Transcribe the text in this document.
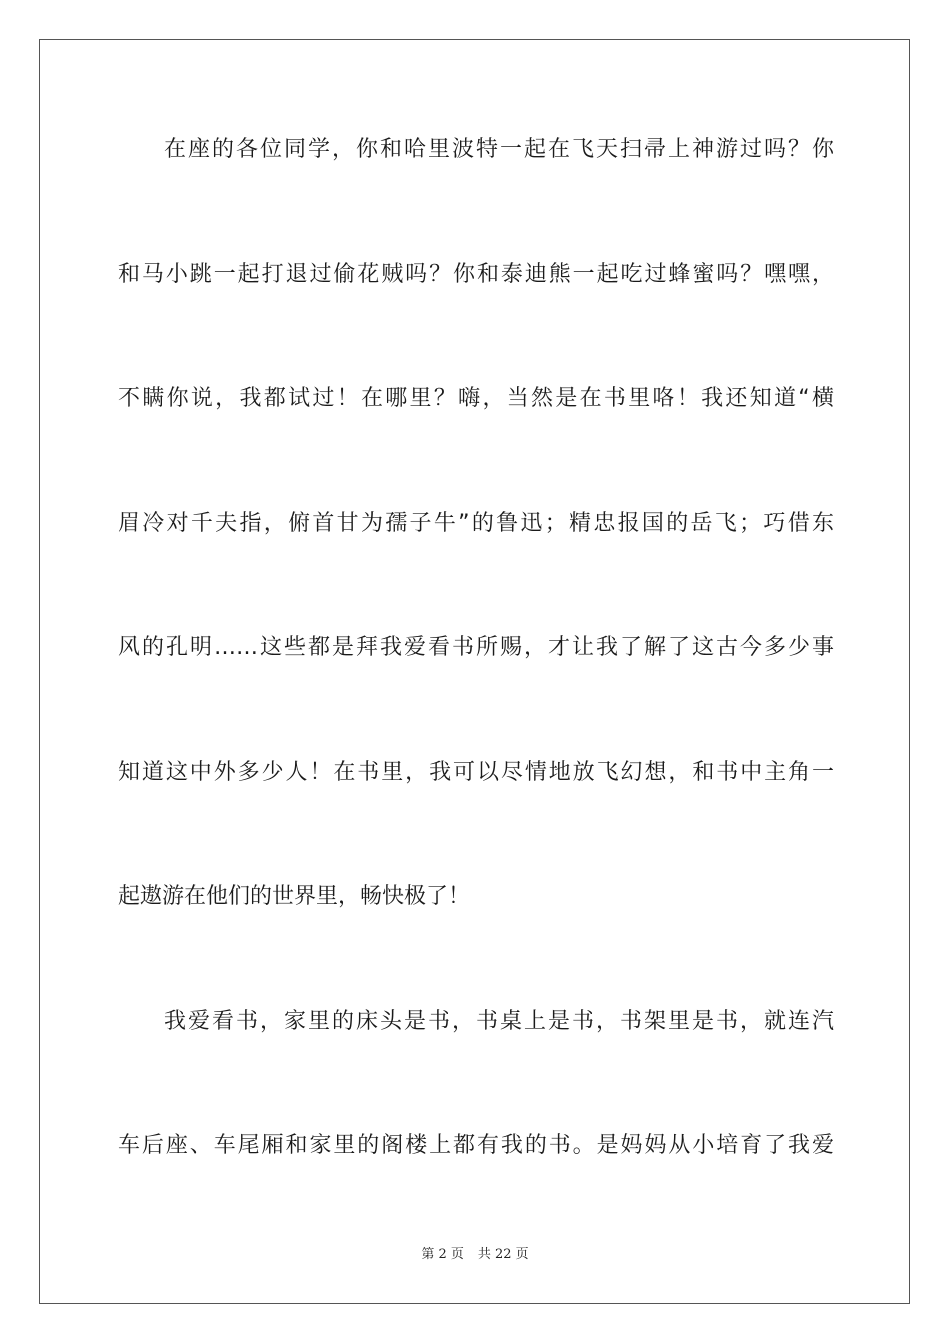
在座的各位同学，你和哈里波特一起在飞天扫帚上神游过吗？你
和马小跳一起打退过偷花贼吗？你和泰迪熊一起吃过蜂蜜吗？嘿嘿，
不瞒你说，我都试过！在哪里？嗨，当然是在书里咯！我还知道“横
眉冷对千夫指，俯首甘为孺子牛”的鲁迅；精忠报国的岳飞；巧借东
风的孔明……这些都是拜我爱看书所赐，才让我了解了这古今多少事
知道这中外多少人！在书里，我可以尽情地放飞幻想，和书中主角一
起遨游在他们的世界里，畅快极了！
我爱看书，家里的床头是书，书桌上是书，书架里是书，就连汽
车后座、车尾厢和家里的阁楼上都有我的书。是妈妈从小培育了我爱
第 2 页 共 22 页
